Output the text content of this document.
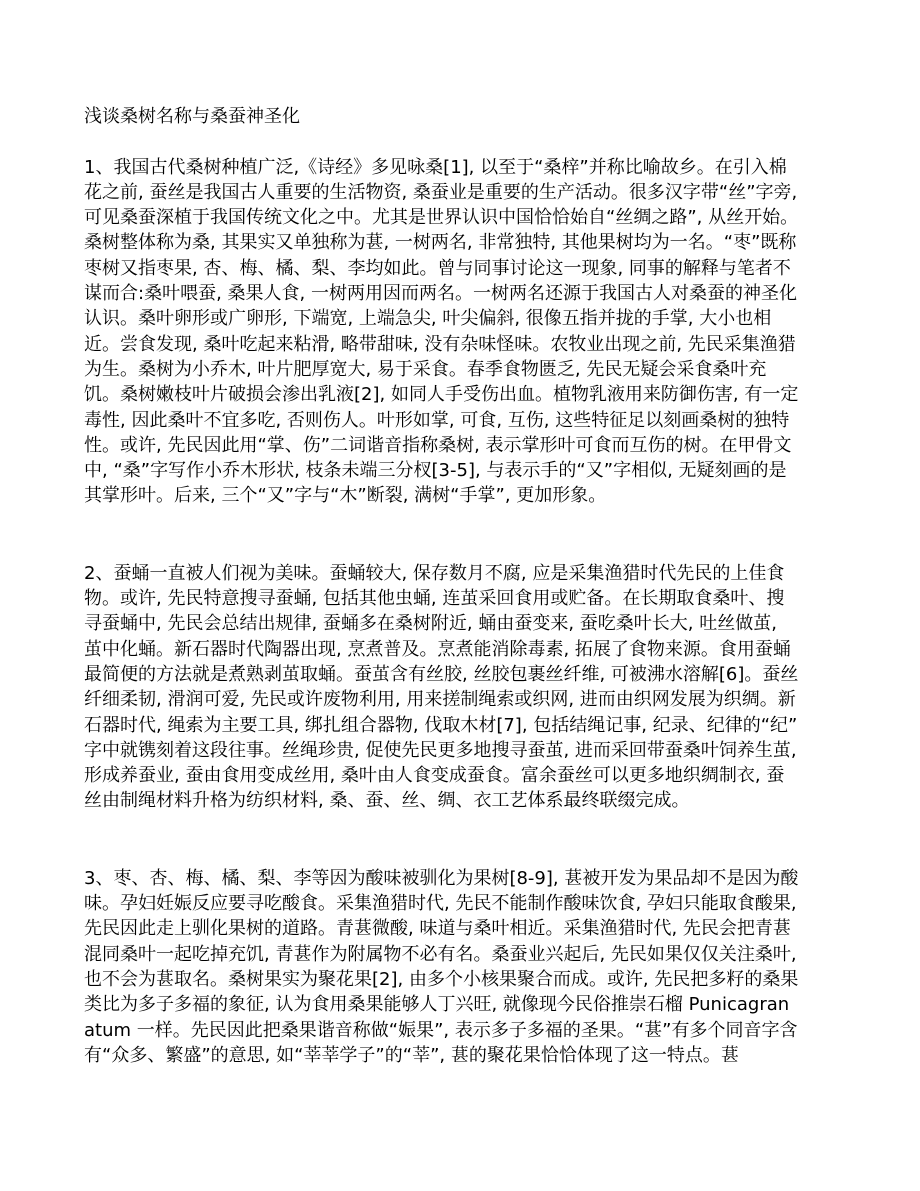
浅谈桑树名称与桑蚕神圣化

1、我国古代桑树种植广泛,《诗经》多见咏桑[1], 以至于“桑梓”并称比喻故乡。在引入棉花之前, 蚕丝是我国古人重要的生活物资, 桑蚕业是重要的生产活动。很多汉字带“丝”字旁, 可见桑蚕深植于我国传统文化之中。尤其是世界认识中国恰恰始自“丝绸之路”, 从丝开始。桑树整体称为桑, 其果实又单独称为葚, 一树两名, 非常独特, 其他果树均为一名。“枣”既称枣树又指枣果, 杏、梅、橘、梨、李均如此。曾与同事讨论这一现象, 同事的解释与笔者不谋而合:桑叶喂蚕, 桑果人食, 一树两用因而两名。一树两名还源于我国古人对桑蚕的神圣化认识。桑叶卵形或广卵形, 下端宽, 上端急尖, 叶尖偏斜, 很像五指并拢的手掌, 大小也相近。尝食发现, 桑叶吃起来粘滑, 略带甜味, 没有杂味怪味。农牧业出现之前, 先民采集渔猎为生。桑树为小乔木, 叶片肥厚宽大, 易于采食。春季食物匮乏, 先民无疑会采食桑叶充饥。桑树嫩枝叶片破损会渗出乳液[2], 如同人手受伤出血。植物乳液用来防御伤害, 有一定毒性, 因此桑叶不宜多吃, 否则伤人。叶形如掌, 可食, 互伤, 这些特征足以刻画桑树的独特性。或许, 先民因此用“掌、伤”二词谐音指称桑树, 表示掌形叶可食而互伤的树。在甲骨文中, “桑”字写作小乔木形状, 枝条未端三分杈[3-5], 与表示手的“又”字相似, 无疑刻画的是其掌形叶。后来, 三个“又”字与“木”断裂, 满树“手掌”, 更加形象。

2、蚕蛹一直被人们视为美味。蚕蛹较大, 保存数月不腐, 应是采集渔猎时代先民的上佳食物。或许, 先民特意搜寻蚕蛹, 包括其他虫蛹, 连茧采回食用或贮备。在长期取食桑叶、搜寻蚕蛹中, 先民会总结出规律, 蚕蛹多在桑树附近, 蛹由蚕变来, 蚕吃桑叶长大, 吐丝做茧, 茧中化蛹。新石器时代陶器出现, 烹煮普及。烹煮能消除毒素, 拓展了食物来源。食用蚕蛹最简便的方法就是煮熟剥茧取蛹。蚕茧含有丝胶, 丝胶包裹丝纤维, 可被沸水溶解[6]。蚕丝纤细柔韧, 滑润可爱, 先民或许废物利用, 用来搓制绳索或织网, 进而由织网发展为织绸。新石器时代, 绳索为主要工具, 绑扎组合器物, 伐取木材[7], 包括结绳记事, 纪录、纪律的“纪”字中就镌刻着这段往事。丝绳珍贵, 促使先民更多地搜寻蚕茧, 进而采回带蚕桑叶饲养生茧, 形成养蚕业, 蚕由食用变成丝用, 桑叶由人食变成蚕食。富余蚕丝可以更多地织绸制衣, 蚕丝由制绳材料升格为纺织材料, 桑、蚕、丝、绸、衣工艺体系最终联缀完成。

3、枣、杏、梅、橘、梨、李等因为酸味被驯化为果树[8-9], 葚被开发为果品却不是因为酸味。孕妇妊娠反应要寻吃酸食。采集渔猎时代, 先民不能制作酸味饮食, 孕妇只能取食酸果, 先民因此走上驯化果树的道路。青葚微酸, 味道与桑叶相近。采集渔猎时代, 先民会把青葚混同桑叶一起吃掉充饥, 青葚作为附属物不必有名。桑蚕业兴起后, 先民如果仅仅关注桑叶, 也不会为葚取名。桑树果实为聚花果[2], 由多个小核果聚合而成。或许, 先民把多籽的桑果类比为多子多福的象征, 认为食用桑果能够人丁兴旺, 就像现今民俗推崇石榴 Punicagranatum 一样。先民因此把桑果谐音称做“娠果”, 表示多子多福的圣果。“葚”有多个同音字含有“众多、繁盛”的意思, 如“莘莘学子”的“莘”, 葚的聚花果恰恰体现了这一特点。葚
